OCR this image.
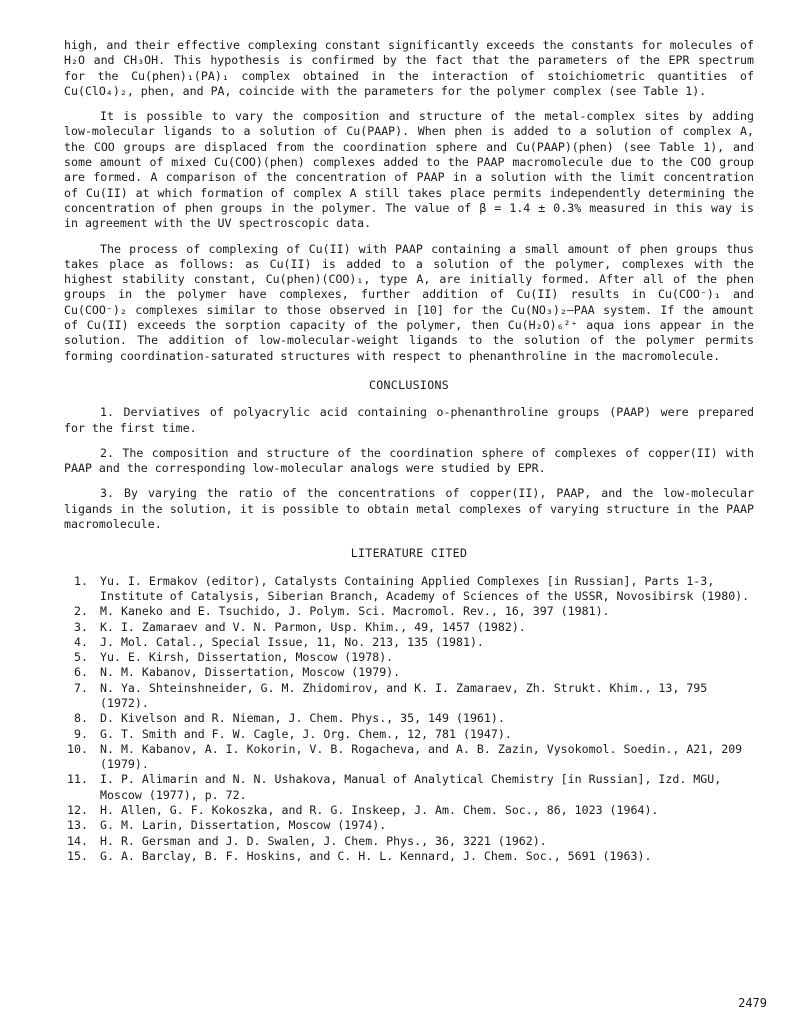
high, and their effective complexing constant significantly exceeds the constants for molecules of H₂O and CH₃OH. This hypothesis is confirmed by the fact that the parameters of the EPR spectrum for the Cu(phen)₁(PA)₁ complex obtained in the interaction of stoichiometric quantities of Cu(ClO₄)₂, phen, and PA, coincide with the parameters for the polymer complex (see Table 1).

It is possible to vary the composition and structure of the metal-complex sites by adding low-molecular ligands to a solution of Cu(PAAP). When phen is added to a solution of complex A, the COO groups are displaced from the coordination sphere and Cu(PAAP)(phen) (see Table 1), and some amount of mixed Cu(COO)(phen) complexes added to the PAAP macromolecule due to the COO group are formed. A comparison of the concentration of PAAP in a solution with the limit concentration of Cu(II) at which formation of complex A still takes place permits independently determining the concentration of phen groups in the polymer. The value of β = 1.4 ± 0.3% measured in this way is in agreement with the UV spectroscopic data.

The process of complexing of Cu(II) with PAAP containing a small amount of phen groups thus takes place as follows: as Cu(II) is added to a solution of the polymer, complexes with the highest stability constant, Cu(phen)(COO)₁, type A, are initially formed. After all of the phen groups in the polymer have complexes, further addition of Cu(II) results in Cu(COO⁻)₁ and Cu(COO⁻)₂ complexes similar to those observed in [10] for the Cu(NO₃)₂–PAA system. If the amount of Cu(II) exceeds the sorption capacity of the polymer, then Cu(H₂O)₆²⁺ aqua ions appear in the solution. The addition of low-molecular-weight ligands to the solution of the polymer permits forming coordination-saturated structures with respect to phenanthroline in the macromolecule.

CONCLUSIONS

1. Derviatives of polyacrylic acid containing o-phenanthroline groups (PAAP) were prepared for the first time.

2. The composition and structure of the coordination sphere of complexes of copper(II) with PAAP and the corresponding low-molecular analogs were studied by EPR.

3. By varying the ratio of the concentrations of copper(II), PAAP, and the low-molecular ligands in the solution, it is possible to obtain metal complexes of varying structure in the PAAP macromolecule.

LITERATURE CITED
1. Yu. I. Ermakov (editor), Catalysts Containing Applied Complexes [in Russian], Parts 1-3, Institute of Catalysis, Siberian Branch, Academy of Sciences of the USSR, Novosibirsk (1980).
2. M. Kaneko and E. Tsuchido, J. Polym. Sci. Macromol. Rev., 16, 397 (1981).
3. K. I. Zamaraev and V. N. Parmon, Usp. Khim., 49, 1457 (1982).
4. J. Mol. Catal., Special Issue, 11, No. 213, 135 (1981).
5. Yu. E. Kirsh, Dissertation, Moscow (1978).
6. N. M. Kabanov, Dissertation, Moscow (1979).
7. N. Ya. Shteinshneider, G. M. Zhidomirov, and K. I. Zamaraev, Zh. Strukt. Khim., 13, 795 (1972).
8. D. Kivelson and R. Nieman, J. Chem. Phys., 35, 149 (1961).
9. G. T. Smith and F. W. Cagle, J. Org. Chem., 12, 781 (1947).
10. N. M. Kabanov, A. I. Kokorin, V. B. Rogacheva, and A. B. Zazin, Vysokomol. Soedin., A21, 209 (1979).
11. I. P. Alimarin and N. N. Ushakova, Manual of Analytical Chemistry [in Russian], Izd. MGU, Moscow (1977), p. 72.
12. H. Allen, G. F. Kokoszka, and R. G. Inskeep, J. Am. Chem. Soc., 86, 1023 (1964).
13. G. M. Larin, Dissertation, Moscow (1974).
14. H. R. Gersman and J. D. Swalen, J. Chem. Phys., 36, 3221 (1962).
15. G. A. Barclay, B. F. Hoskins, and C. H. L. Kennard, J. Chem. Soc., 5691 (1963).
2479
